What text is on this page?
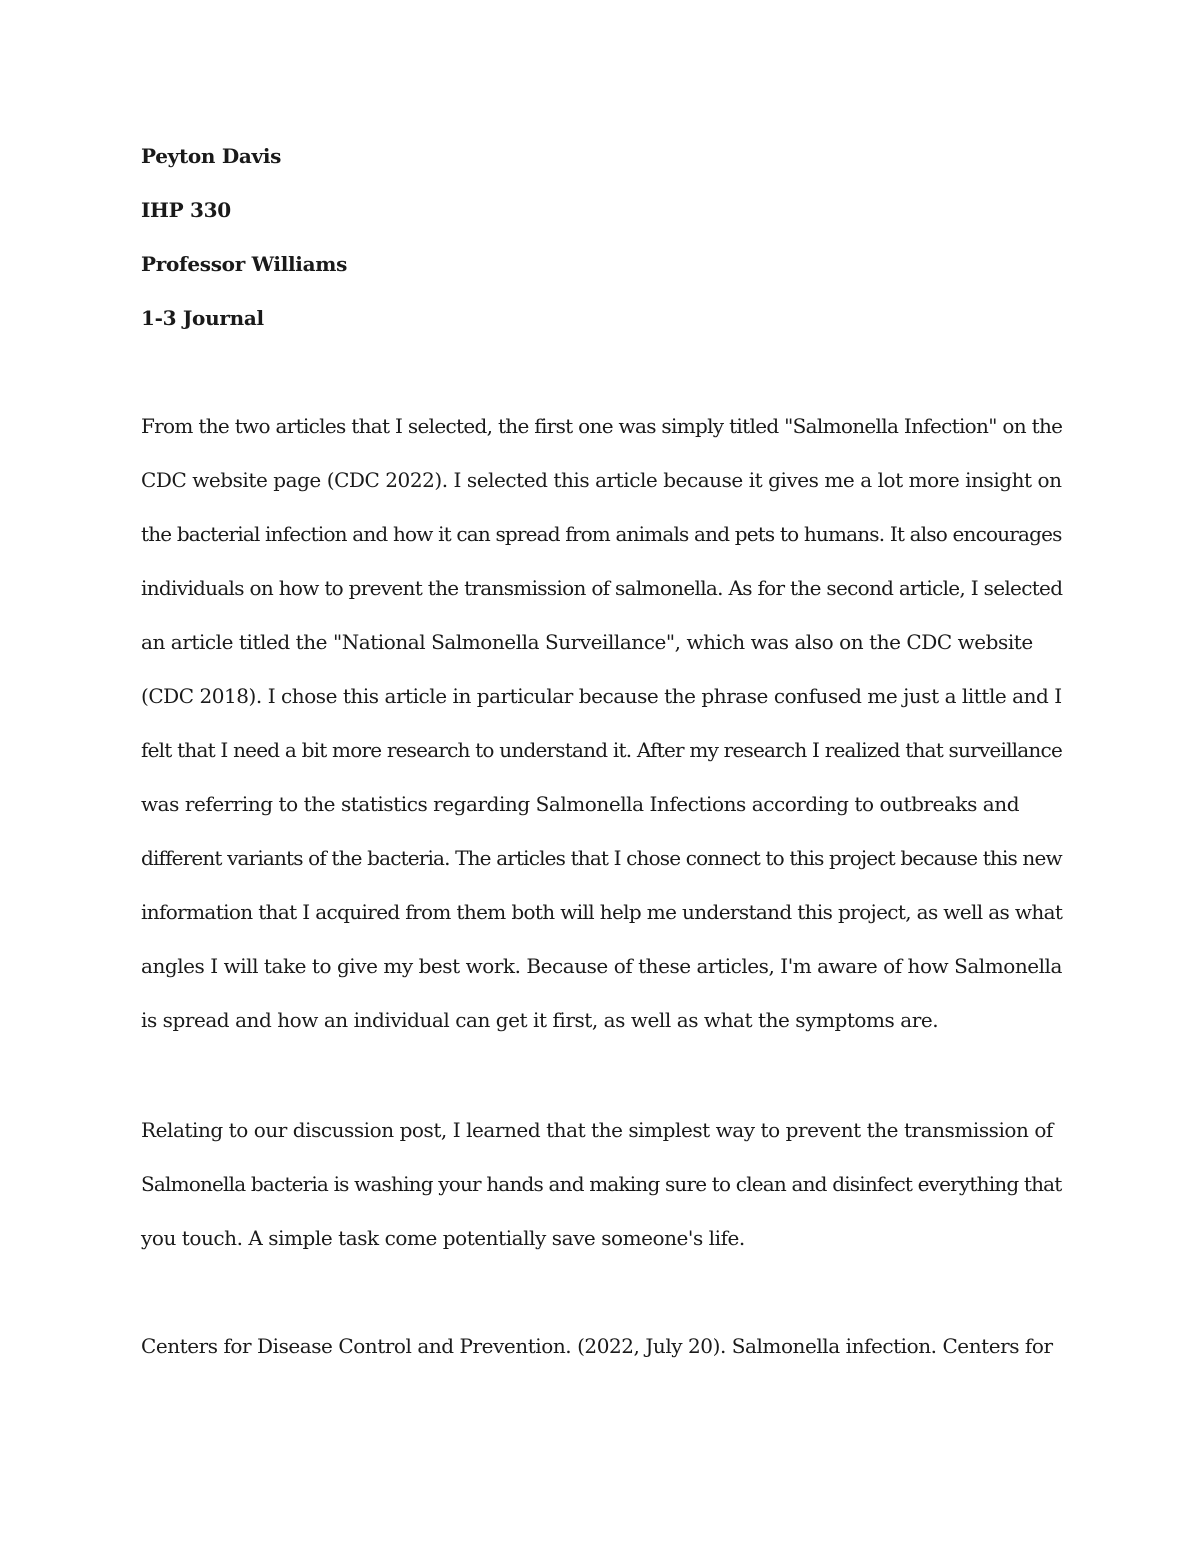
Peyton Davis

IHP 330

Professor Williams

1-3 Journal

From the two articles that I selected, the first one was simply titled "Salmonella Infection" on the

CDC website page (CDC 2022). I selected this article because it gives me a lot more insight on

the bacterial infection and how it can spread from animals and pets to humans. It also encourages

individuals on how to prevent the transmission of salmonella. As for the second article, I selected

an article titled the "National Salmonella Surveillance", which was also on the CDC website

(CDC 2018). I chose this article in particular because the phrase confused me just a little and I

felt that I need a bit more research to understand it. After my research I realized that surveillance

was referring to the statistics regarding Salmonella Infections according to outbreaks and

different variants of the bacteria. The articles that I chose connect to this project because this new

information that I acquired from them both will help me understand this project, as well as what

angles I will take to give my best work. Because of these articles, I'm aware of how Salmonella

is spread and how an individual can get it first, as well as what the symptoms are.

Relating to our discussion post, I learned that the simplest way to prevent the transmission of

Salmonella bacteria is washing your hands and making sure to clean and disinfect everything that

you touch. A simple task come potentially save someone's life.

Centers for Disease Control and Prevention. (2022, July 20). Salmonella infection. Centers for
